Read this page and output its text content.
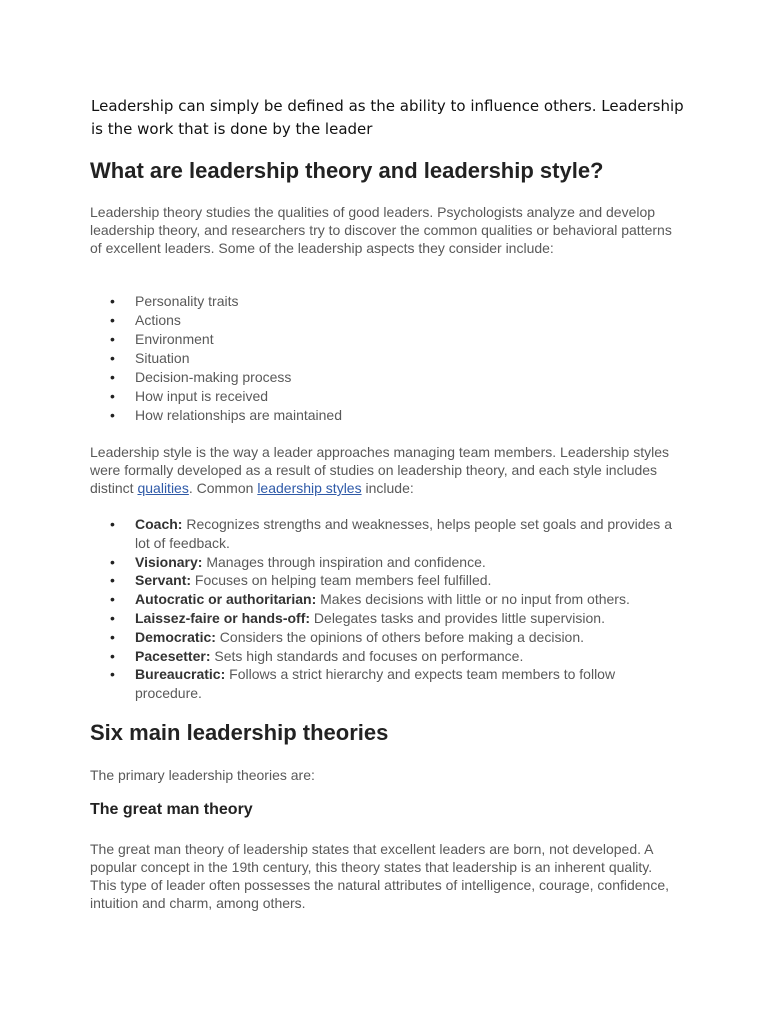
Leadership can simply be defined as the ability to influence others. Leadership is the work that is done by the leader

What are leadership theory and leadership style?

Leadership theory studies the qualities of good leaders. Psychologists analyze and develop leadership theory, and researchers try to discover the common qualities or behavioral patterns of excellent leaders. Some of the leadership aspects they consider include:

• Personality traits
• Actions
• Environment
• Situation
• Decision-making process
• How input is received
• How relationships are maintained

Leadership style is the way a leader approaches managing team members. Leadership styles were formally developed as a result of studies on leadership theory, and each style includes distinct qualities. Common leadership styles include:

• Coach: Recognizes strengths and weaknesses, helps people set goals and provides a lot of feedback.
• Visionary: Manages through inspiration and confidence.
• Servant: Focuses on helping team members feel fulfilled.
• Autocratic or authoritarian: Makes decisions with little or no input from others.
• Laissez-faire or hands-off: Delegates tasks and provides little supervision.
• Democratic: Considers the opinions of others before making a decision.
• Pacesetter: Sets high standards and focuses on performance.
• Bureaucratic: Follows a strict hierarchy and expects team members to follow procedure.
Six main leadership theories

The primary leadership theories are:

The great man theory

The great man theory of leadership states that excellent leaders are born, not developed. A popular concept in the 19th century, this theory states that leadership is an inherent quality. This type of leader often possesses the natural attributes of intelligence, courage, confidence, intuition and charm, among others.
